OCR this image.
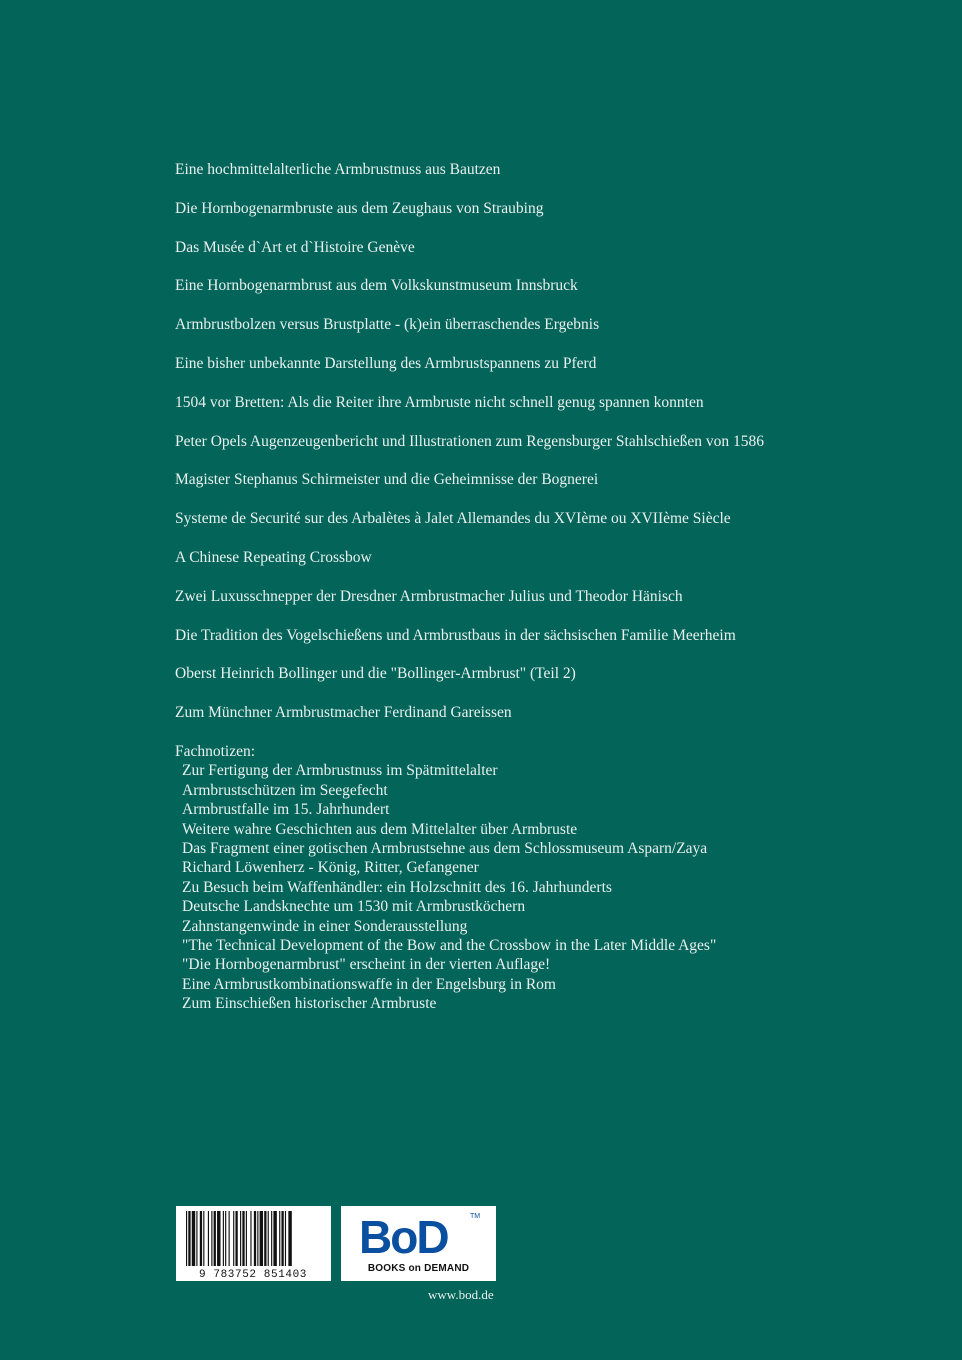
Eine hochmittelalterliche Armbrustnuss aus Bautzen
Die Hornbogenarmbruste aus dem Zeughaus von Straubing
Das Musée d`Art et d`Histoire Genève
Eine Hornbogenarmbrust aus dem Volkskunstmuseum Innsbruck
Armbrustbolzen versus Brustplatte - (k)ein überraschendes Ergebnis
Eine bisher unbekannte Darstellung des Armbrustspannens zu Pferd
1504 vor Bretten: Als die Reiter ihre Armbruste nicht schnell genug spannen konnten
Peter Opels Augenzeugenbericht und Illustrationen zum Regensburger Stahlschießen von 1586
Magister Stephanus Schirmeister und die Geheimnisse der Bognerei
Systeme de Securité sur des Arbalètes à Jalet Allemandes du XVIème ou XVIIème Siècle
A Chinese Repeating Crossbow
Zwei Luxusschnepper der Dresdner Armbrustmacher Julius und Theodor Hänisch
Die Tradition des Vogelschießens und Armbrustbaus in der sächsischen Familie Meerheim
Oberst Heinrich Bollinger und die "Bollinger-Armbrust" (Teil 2)
Zum Münchner Armbrustmacher Ferdinand Gareissen
Fachnotizen:
Zur Fertigung der Armbrustnuss im Spätmittelalter
Armbrustschützen im Seegefecht
Armbrustfalle im 15. Jahrhundert
Weitere wahre Geschichten aus dem Mittelalter über Armbruste
Das Fragment einer gotischen Armbrustsehne aus dem Schlossmuseum Asparn/Zaya
Richard Löwenherz - König, Ritter, Gefangener
Zu Besuch beim Waffenhändler: ein Holzschnitt des 16. Jahrhunderts
Deutsche Landsknechte um 1530 mit Armbrustköchern
Zahnstangenwinde in einer Sonderausstellung
"The Technical Development of the Bow and the Crossbow in the Later Middle Ages"
"Die Hornbogenarmbrust" erscheint in der vierten Auflage!
Eine Armbrustkombinationswaffe in der Engelsburg in Rom
Zum Einschießen historischer Armbruste
9 783752 851403
BoD	TM
BOOKS on DEMAND
www.bod.de
